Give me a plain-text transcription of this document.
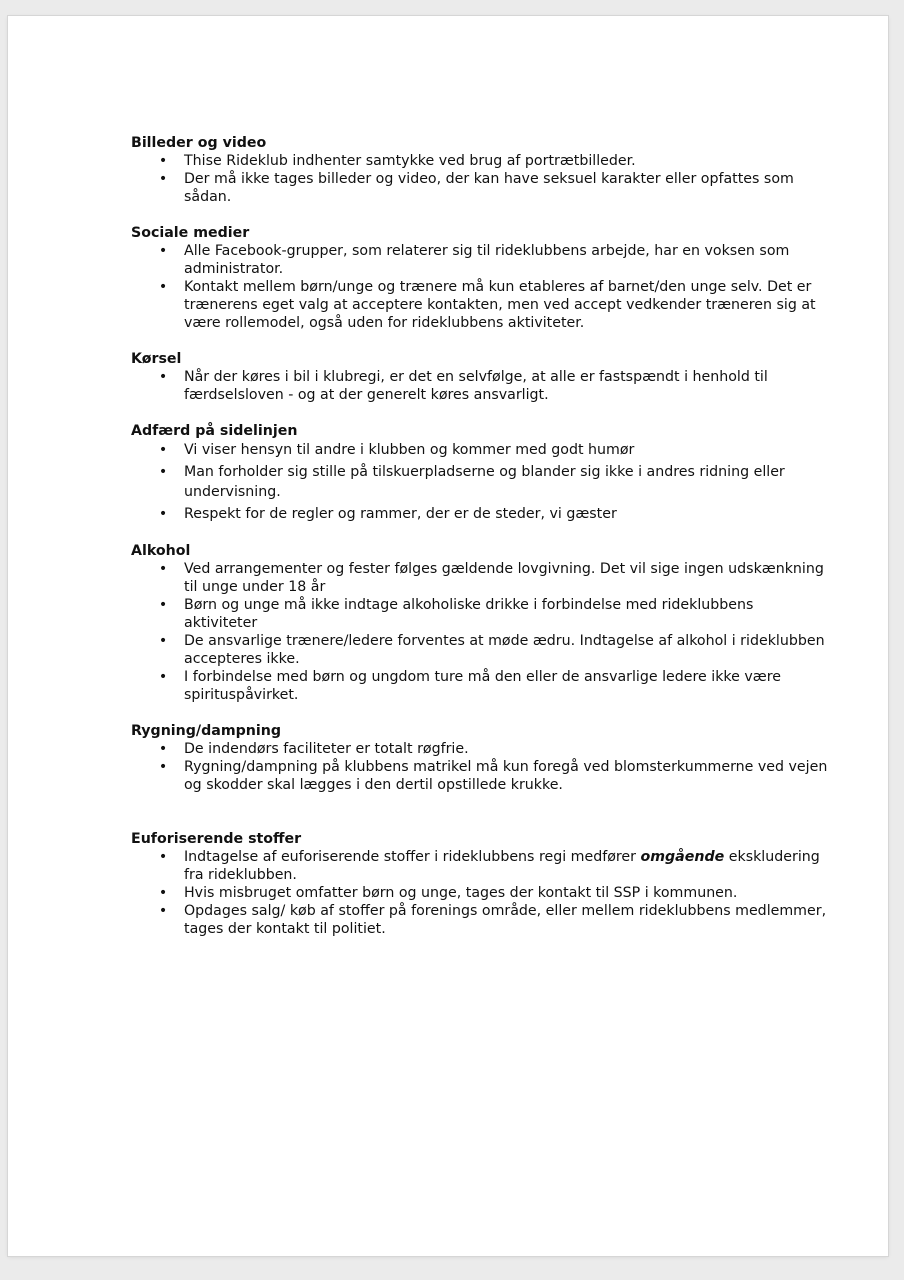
Billeder og video

• Thise Rideklub indhenter samtykke ved brug af portrætbilleder.
• Der må ikke tages billeder og video, der kan have seksuel karakter eller opfattes som sådan.

Sociale medier

• Alle Facebook-grupper, som relaterer sig til rideklubbens arbejde, har en voksen som administrator.
• Kontakt mellem børn/unge og trænere må kun etableres af barnet/den unge selv. Det er trænerens eget valg at acceptere kontakten, men ved accept vedkender træneren sig at være rollemodel, også uden for rideklubbens aktiviteter.

Kørsel

• Når der køres i bil i klubregi, er det en selvfølge, at alle er fastspændt i henhold til færdselsloven - og at der generelt køres ansvarligt.

Adfærd på sidelinjen

• Vi viser hensyn til andre i klubben og kommer med godt humør
• Man forholder sig stille på tilskuerpladserne og blander sig ikke i andres ridning eller undervisning.
• Respekt for de regler og rammer, der er de steder, vi gæster

Alkohol

• Ved arrangementer og fester følges gældende lovgivning. Det vil sige ingen udskænkning til unge under 18 år
• Børn og unge må ikke indtage alkoholiske drikke i forbindelse med rideklubbens aktiviteter
• De ansvarlige trænere/ledere forventes at møde ædru. Indtagelse af alkohol i rideklubben accepteres ikke.
• I forbindelse med børn og ungdom ture må den eller de ansvarlige ledere ikke være spirituspåvirket.

Rygning/dampning

• De indendørs faciliteter er totalt røgfrie.
• Rygning/dampning på klubbens matrikel må kun foregå ved blomsterkummerne ved vejen og skodder skal lægges i den dertil opstillede krukke.

Euforiserende stoffer

• Indtagelse af euforiserende stoffer i rideklubbens regi medfører omgående ekskludering fra rideklubben.
• Hvis misbruget omfatter børn og unge, tages der kontakt til SSP i kommunen.
• Opdages salg/ køb af stoffer på forenings område, eller mellem rideklubbens medlemmer, tages der kontakt til politiet.
